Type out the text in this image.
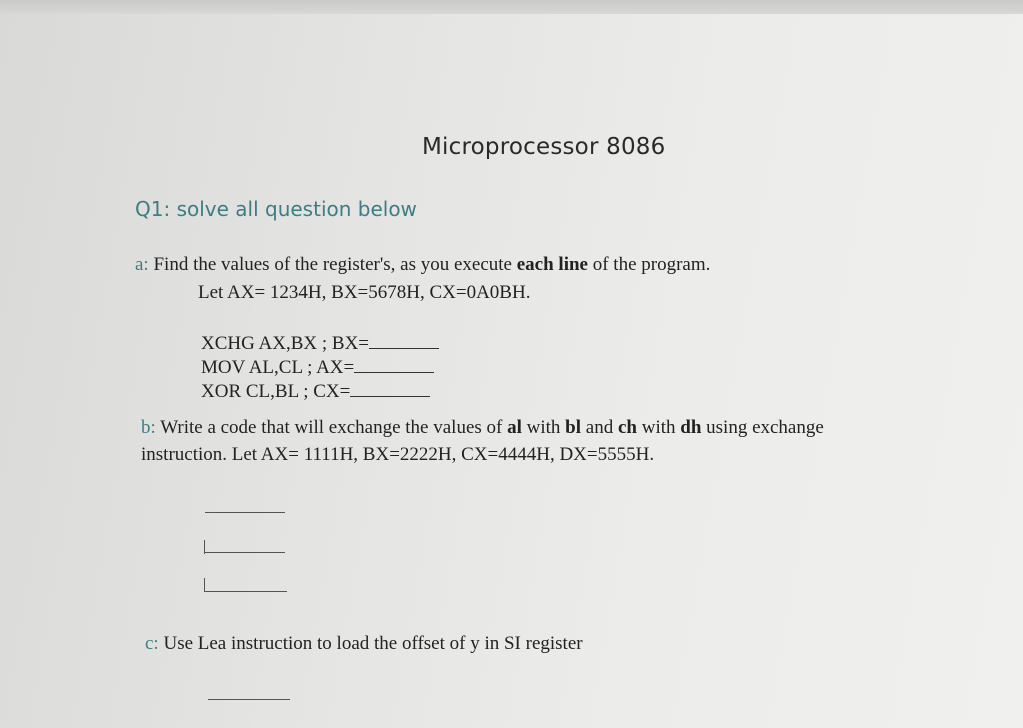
Microprocessor 8086
Q1: solve all question below
a: Find the values of the register's, as you execute each line of the program.
Let AX= 1234H, BX=5678H, CX=0A0BH.
XCHG AX,BX ; BX=
MOV AL,CL ; AX=
XOR CL,BL ; CX=
b: Write a code that will exchange the values of al with bl and ch with dh using exchange
instruction. Let AX= 1111H, BX=2222H, CX=4444H, DX=5555H.
c: Use Lea instruction to load the offset of y in SI register
